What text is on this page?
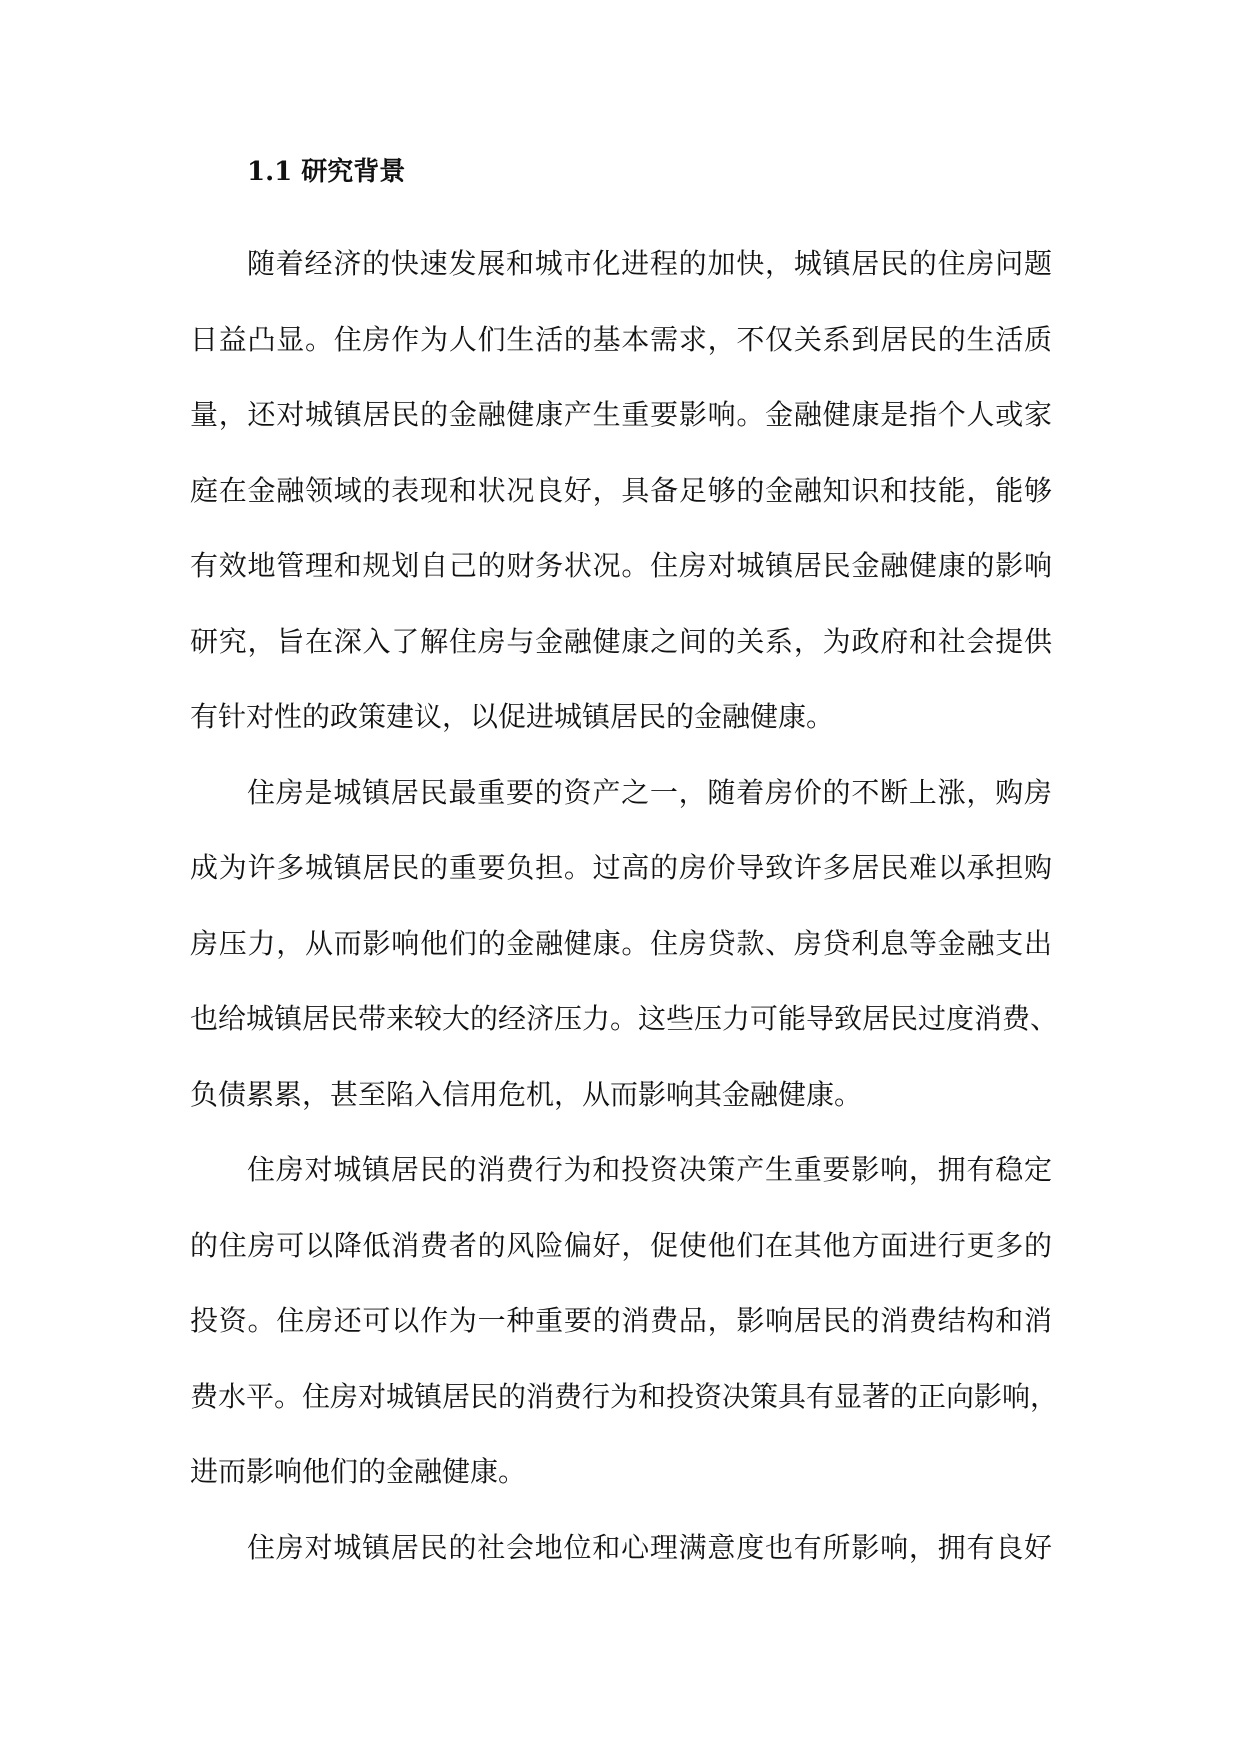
1.1 研究背景

随着经济的快速发展和城市化进程的加快，城镇居民的住房问题
日益凸显。住房作为人们生活的基本需求，不仅关系到居民的生活质
量，还对城镇居民的金融健康产生重要影响。金融健康是指个人或家
庭在金融领域的表现和状况良好，具备足够的金融知识和技能，能够
有效地管理和规划自己的财务状况。住房对城镇居民金融健康的影响
研究，旨在深入了解住房与金融健康之间的关系，为政府和社会提供
有针对性的政策建议，以促进城镇居民的金融健康。

住房是城镇居民最重要的资产之一，随着房价的不断上涨，购房
成为许多城镇居民的重要负担。过高的房价导致许多居民难以承担购
房压力，从而影响他们的金融健康。住房贷款、房贷利息等金融支出
也给城镇居民带来较大的经济压力。这些压力可能导致居民过度消费、
负债累累，甚至陷入信用危机，从而影响其金融健康。

住房对城镇居民的消费行为和投资决策产生重要影响，拥有稳定
的住房可以降低消费者的风险偏好，促使他们在其他方面进行更多的
投资。住房还可以作为一种重要的消费品，影响居民的消费结构和消
费水平。住房对城镇居民的消费行为和投资决策具有显著的正向影响，
进而影响他们的金融健康。

住房对城镇居民的社会地位和心理满意度也有所影响，拥有良好
